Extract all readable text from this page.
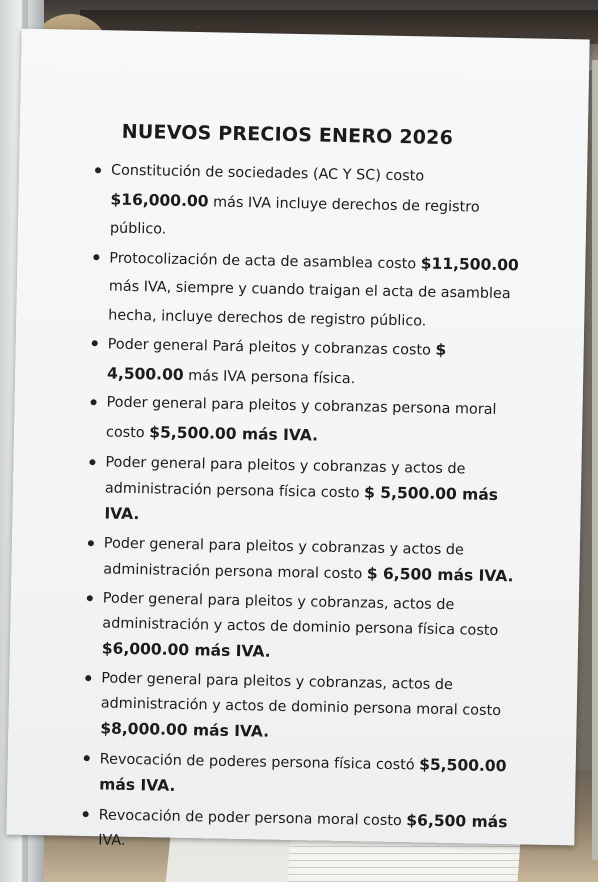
NUEVOS PRECIOS ENERO 2026
Constitución de sociedades (AC Y SC) costo $16,000.00 más IVA incluye derechos de registro público.
Protocolización de acta de asamblea costo $11,500.00 más IVA, siempre y cuando traigan el acta de asamblea hecha, incluye derechos de registro público.
Poder general Pará pleitos y cobranzas costo $ 4,500.00 más IVA persona física.
Poder general para pleitos y cobranzas persona moral costo $5,500.00 más IVA.
Poder general para pleitos y cobranzas y actos de administración persona física costo $ 5,500.00 más IVA.
Poder general para pleitos y cobranzas y actos de administración persona moral costo $ 6,500 más IVA.
Poder general para pleitos y cobranzas, actos de administración y actos de dominio persona física costo $6,000.00 más IVA.
Poder general para pleitos y cobranzas, actos de administración y actos de dominio persona moral costo $8,000.00 más IVA.
Revocación de poderes persona física costó $5,500.00 más IVA.
Revocación de poder persona moral costo $6,500 más IVA.
